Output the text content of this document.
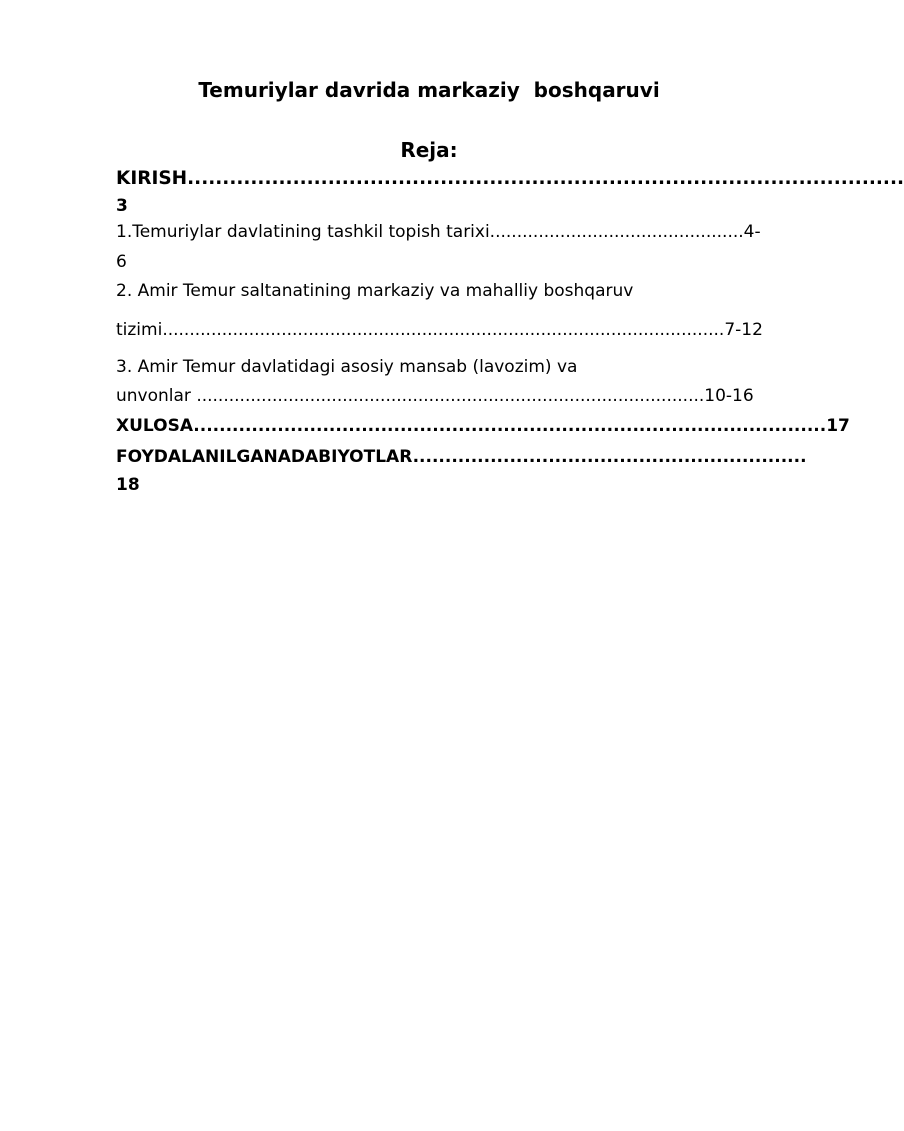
Temuriylar davrida markaziy  boshqaruvi
Reja:
KIRISH......................................................................................................
3
1.Temuriylar davlatining tashkil topish tarixi...............................................4-
6
2. Amir Temur saltanatining markaziy va mahalliy boshqaruv
tizimi........................................................................................................7-12
3. Amir Temur davlatidagi asosiy mansab (lavozim) va
unvonlar ..............................................................................................10-16
XULOSA..................................................................................................17
FOYDALANILGANADABIYOTLAR.............................................................
18
